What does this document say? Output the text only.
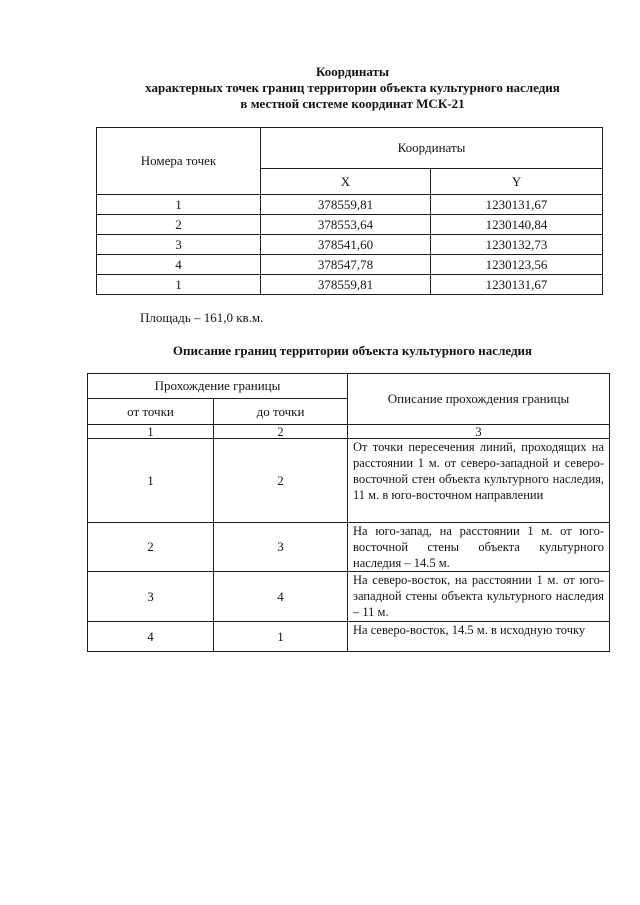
Координаты
характерных точек границ территории объекта культурного наследия
в местной системе координат МСК-21
Номера точек	Координаты	
	X	Y
1	378559,81	1230131,67
2	378553,64	1230140,84
3	378541,60	1230132,73
4	378547,78	1230123,56
1	378559,81	1230131,67
Площадь – 161,0 кв.м.
Описание границ территории объекта культурного наследия
Прохождение границы		Описание прохождения границы
от точки	до точки	
1	2	3
1	2	От точки пересечения линий, проходящих на расстоянии 1 м. от северо-западной и северо-восточной стен объекта культурного наследия, 11 м. в юго-восточном направлении
2	3	На юго-запад, на расстоянии 1 м. от юго-восточной стены объекта культурного наследия – 14.5 м.
3	4	На северо-восток, на расстоянии 1 м. от юго-западной стены объекта культурного наследия – 11 м.
4	1	На северо-восток, 14.5 м. в исходную точку
